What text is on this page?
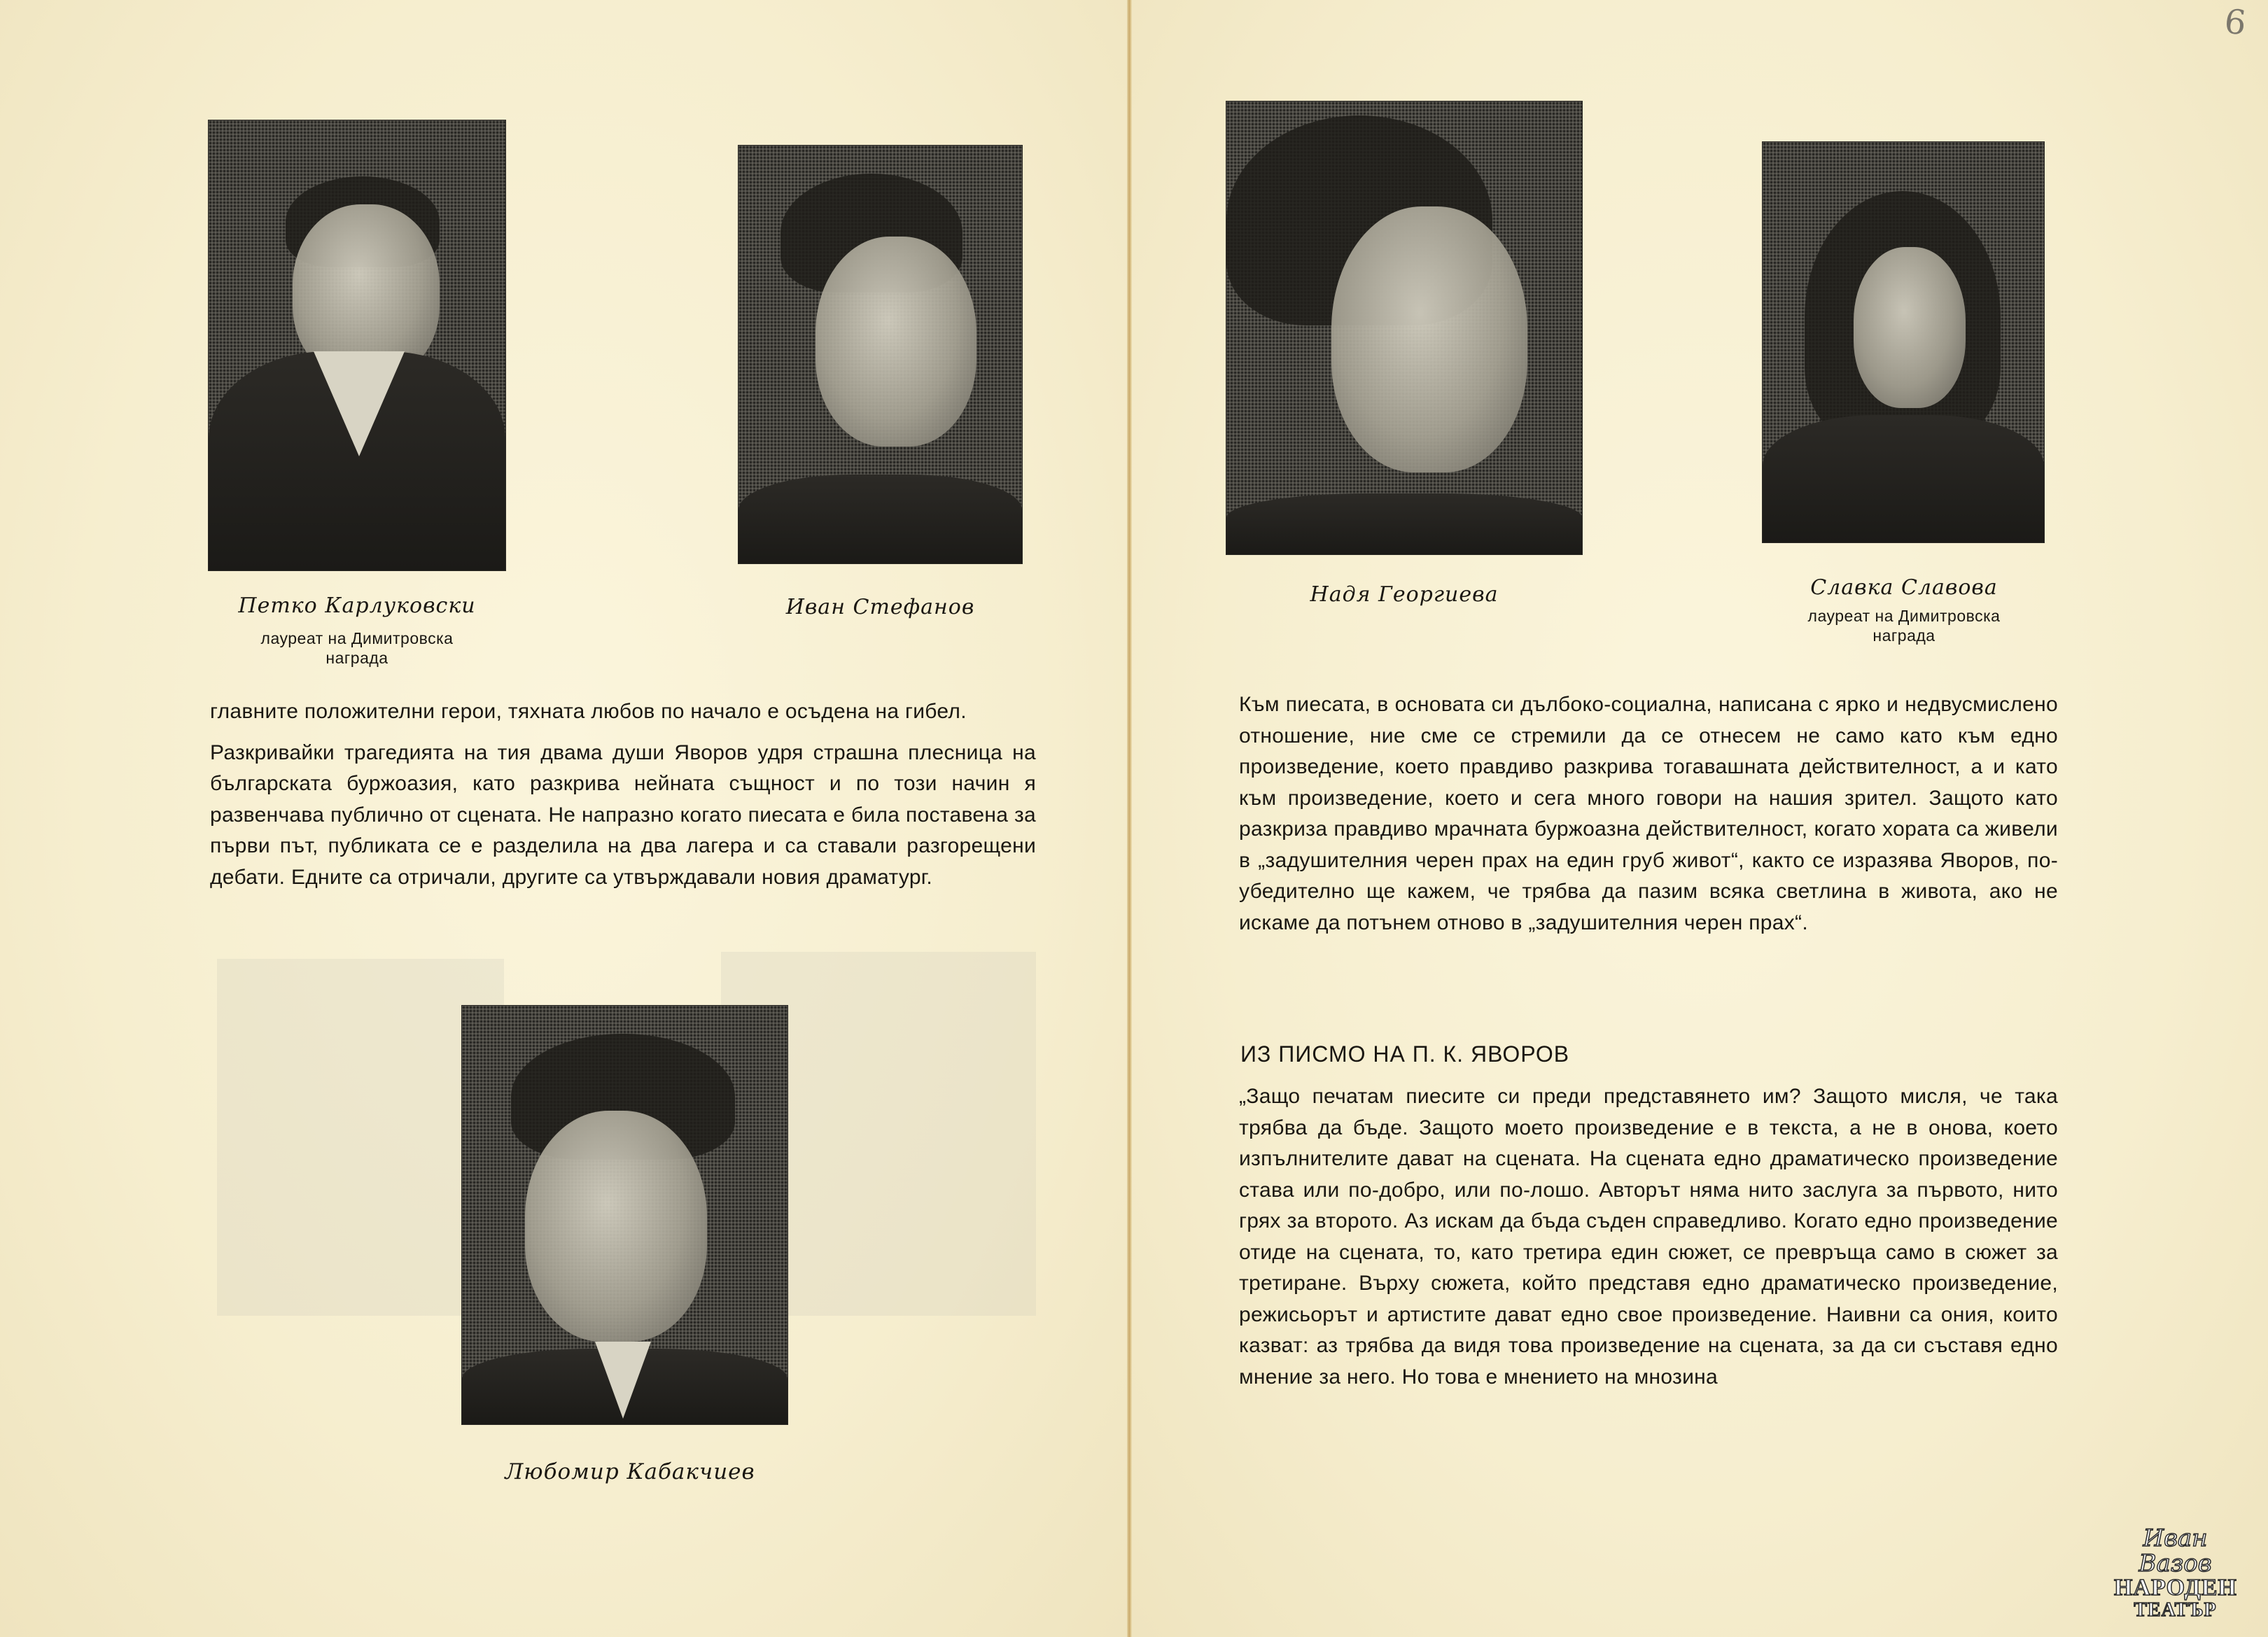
6
Петко Карлуковски
лауреат на Димитровска
награда
Иван Стефанов

главните положителни герои, тяхната любов по начало е осъдена на гибел.

Разкривайки трагедията на тия двама души Яворов удря страшна плесница на българската буржоазия, като разкрива нейната същност и по този начин я развенчава публично от сцената. Не напразно когато пиесата е била поставена за първи път, публиката се е разделила на два лагера и са ставали разгорещени дебати. Едните са отричали, другите са утвърждавали новия драматург.

Любомир Кабакчиев
Надя Георгиева	Славка Славова
лауреат на Димитровска
награда

Към пиесата, в основата си дълбоко-социална, написана с ярко и недвусмислено отношение, ние сме се стремили да се отнесем не само като към едно произведение, което правдиво разкрива тогавашната действителност, а и като към произведение, което и сега много говори на нашия зрител. Защото като разкриза правдиво мрачната буржоазна действителност, когато хората са живели в „задушителния черен прах на един груб живот“, както се изразява Яворов, по-убедително ще кажем, че трябва да пазим всяка светлина в живота, ако не искаме да потънем отново в „задушителния черен прах“.

ИЗ ПИСМО НА П. К. ЯВОРОВ

„Защо печатам пиесите си преди представянето им? Защото мисля, че така трябва да бъде. Защото моето произведение е в текста, а не в онова, което изпълнителите дават на сцената. На сцената едно драматическо произведение става или по-добро, или по-лошо. Авторът няма нито заслуга за първото, нито грях за второто. Аз искам да бъда съден справедливо. Когато едно произведение отиде на сцената, то, като третира един сюжет, се превръща само в сюжет за третиране. Върху сюжета, който представя едно драматическо произведение, режисьорът и артистите дават едно свое произведение. Наивни са ония, които казват: аз трябва да видя това произведение на сцената, за да си съставя едно мнение за него. Но това е мнението на мнозина

Иван Вазов
НАРОДЕН
ТЕАТЪР
